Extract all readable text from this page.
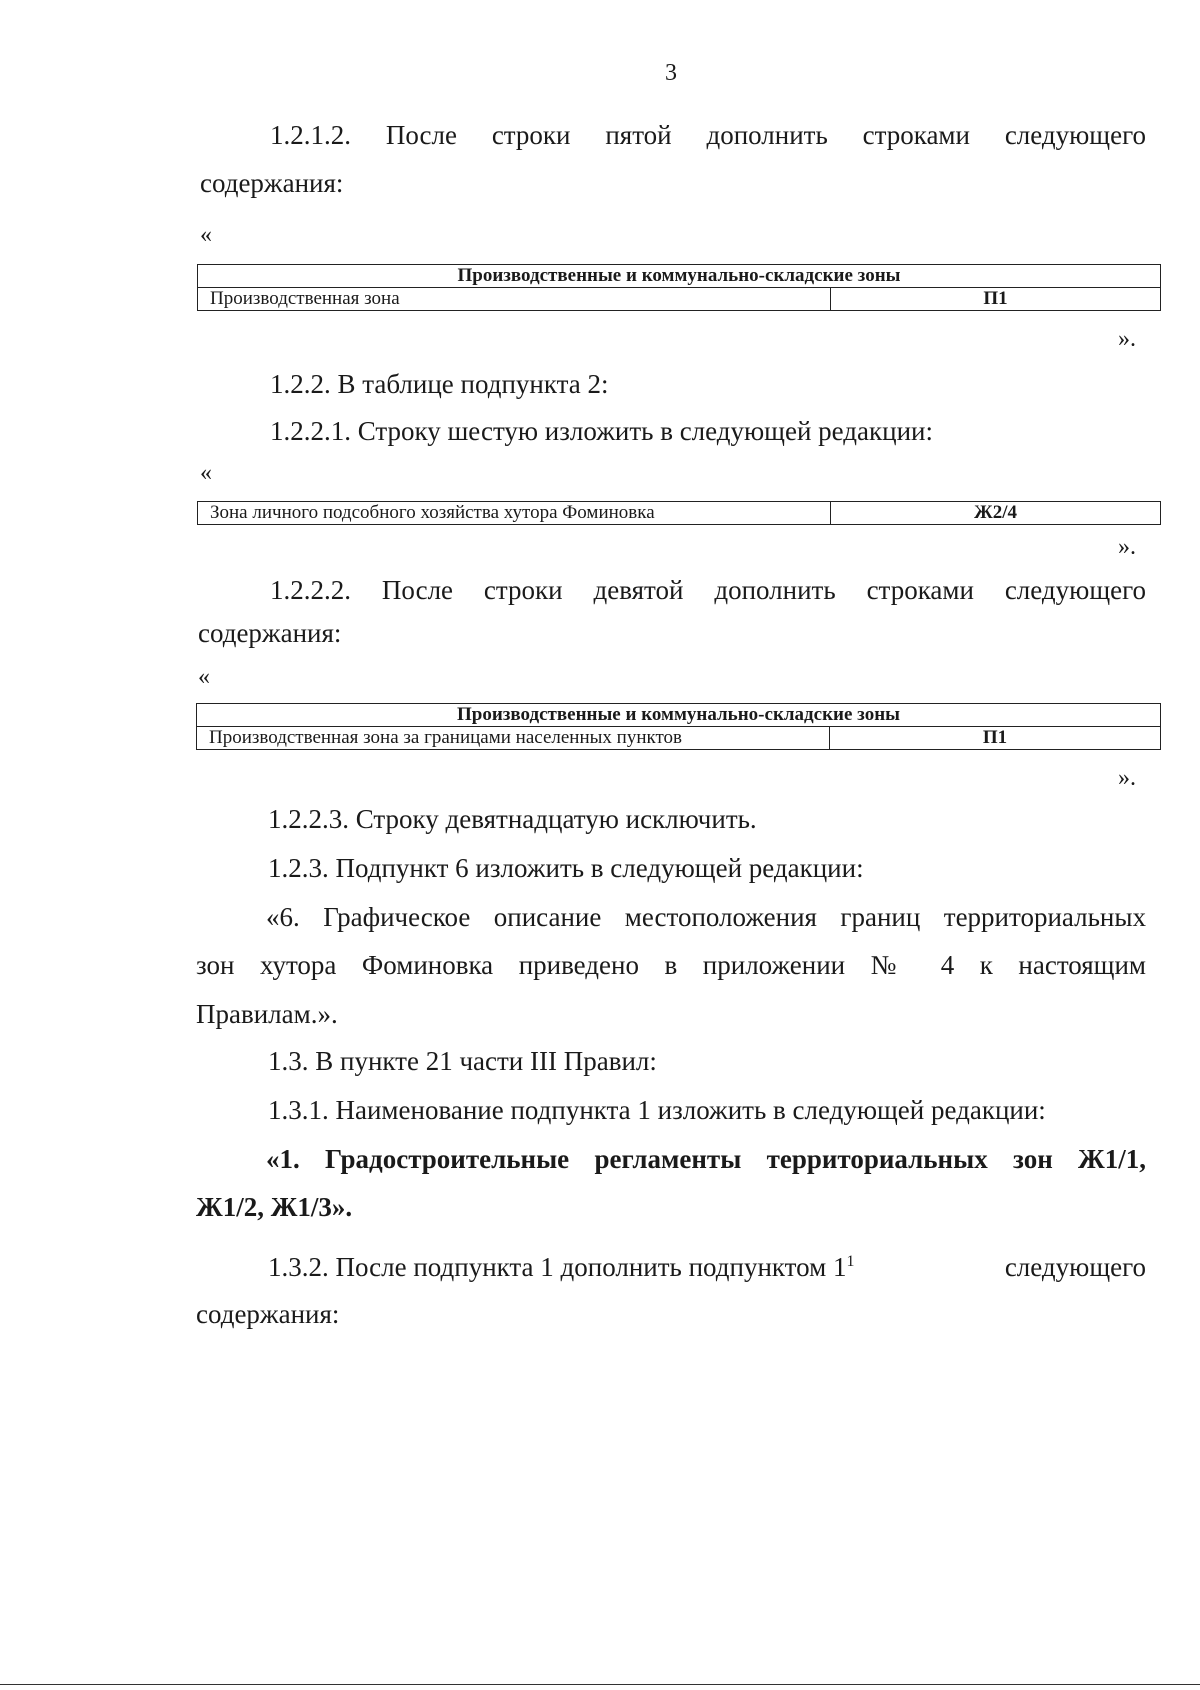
3
1.2.1.2. После строки пятой дополнить строками следующего
содержания:
«
Производственные и коммунально-складские зоны
Производственная зона	П1
».
1.2.2. В таблице подпункта 2:
1.2.2.1. Строку шестую изложить в следующей редакции:
«
Зона личного подсобного хозяйства хутора Фоминовка	Ж2/4
».
1.2.2.2. После строки девятой дополнить строками следующего
содержания:
«
Производственные и коммунально-складские зоны
Производственная зона за границами населенных пунктов	П1
».
1.2.2.3. Строку девятнадцатую исключить.
1.2.3. Подпункт 6 изложить в следующей редакции:
«6. Графическое описание местоположения границ территориальных
зон хутора Фоминовка приведено в приложении № 4 к настоящим
Правилам.».
1.3. В пункте 21 части III Правил:
1.3.1. Наименование подпункта 1 изложить в следующей редакции:
«1. Градостроительные регламенты территориальных зон Ж1/1,
Ж1/2, Ж1/3».
1.3.2. После подпункта 1 дополнить подпунктом $1^1$	следующего
содержания:
